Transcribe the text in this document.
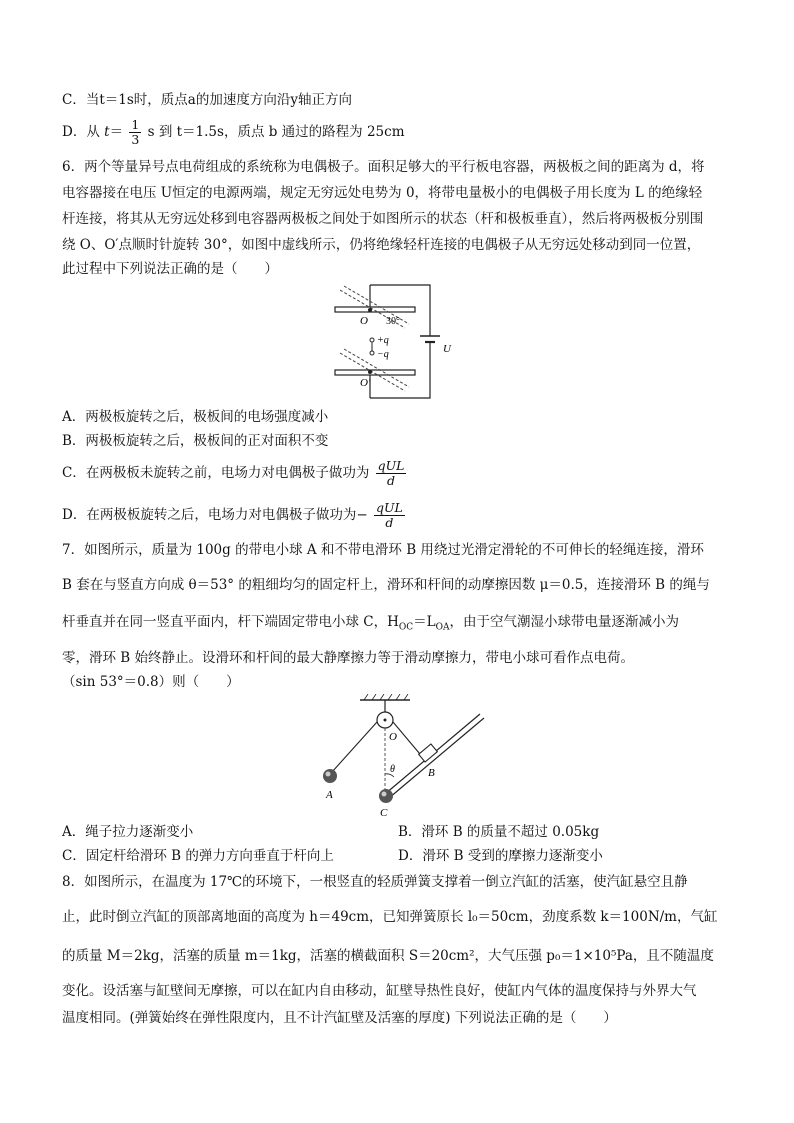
C．当t＝1s时，质点a的加速度方向沿y轴正方向
D．从 $t= \frac{1}{3}$ s 到 t＝1.5s，质点 b 通过的路程为 25cm
6．两个等量异号点电荷组成的系统称为电偶极子。面积足够大的平行板电容器，两极板之间的距离为 d，将
电容器接在电压 U恒定的电源两端，规定无穷远处电势为 0，将带电量极小的电偶极子用长度为 L 的绝缘轻
杆连接，将其从无穷远处移到电容器两极板之间处于如图所示的状态（杆和极板垂直），然后将两极板分别围
绕 O、O′点顺时针旋转 30°，如图中虚线所示，仍将绝缘轻杆连接的电偶极子从无穷远处移动到同一位置，
此过程中下列说法正确的是（　　）
O 30°
+q
−q
O′
U
A．两极板旋转之后，极板间的电场强度减小
B．两极板旋转之后，极板间的正对面积不变
C．在两极板未旋转之前，电场力对电偶极子做功为 $\frac{\text{qUL}}{d}$
D．在两极板旋转之后，电场力对电偶极子做功为− $\frac{\text{qUL}}{d}$
7．如图所示，质量为 100g 的带电小球 A 和不带电滑环 B 用绕过光滑定滑轮的不可伸长的轻绳连接，滑环
B 套在与竖直方向成 θ＝53° 的粗细均匀的固定杆上，滑环和杆间的动摩擦因数 μ＝0.5，连接滑环 B 的绳与
杆垂直并在同一竖直平面内，杆下端固定带电小球 C，$H_{OC}=L_{OA}$，由于空气潮湿小球带电量逐渐减小为
零，滑环 B 始终静止。设滑环和杆间的最大静摩擦力等于滑动摩擦力，带电小球可看作点电荷。
（sin 53°＝0.8）则（　　）
O
A
B
C
θ
A．绳子拉力逐渐变小	B．滑环 B 的质量不超过 0.05kg
C．固定杆给滑环 B 的弹力方向垂直于杆向上	D．滑环 B 受到的摩擦力逐渐变小
8．如图所示，在温度为 17℃的环境下，一根竖直的轻质弹簧支撑着一倒立汽缸的活塞，使汽缸悬空且静
止，此时倒立汽缸的顶部离地面的高度为 h＝49cm，已知弹簧原长 l₀＝50cm，劲度系数 k＝100N/m，气缸
的质量 M＝2kg，活塞的质量 m＝1kg，活塞的横截面积 S＝20cm²，大气压强 p₀＝1×10⁵Pa，且不随温度
变化。设活塞与缸壁间无摩擦，可以在缸内自由移动，缸壁导热性良好，使缸内气体的温度保持与外界大气
温度相同。(弹簧始终在弹性限度内，且不计汽缸壁及活塞的厚度) 下列说法正确的是（　　）
